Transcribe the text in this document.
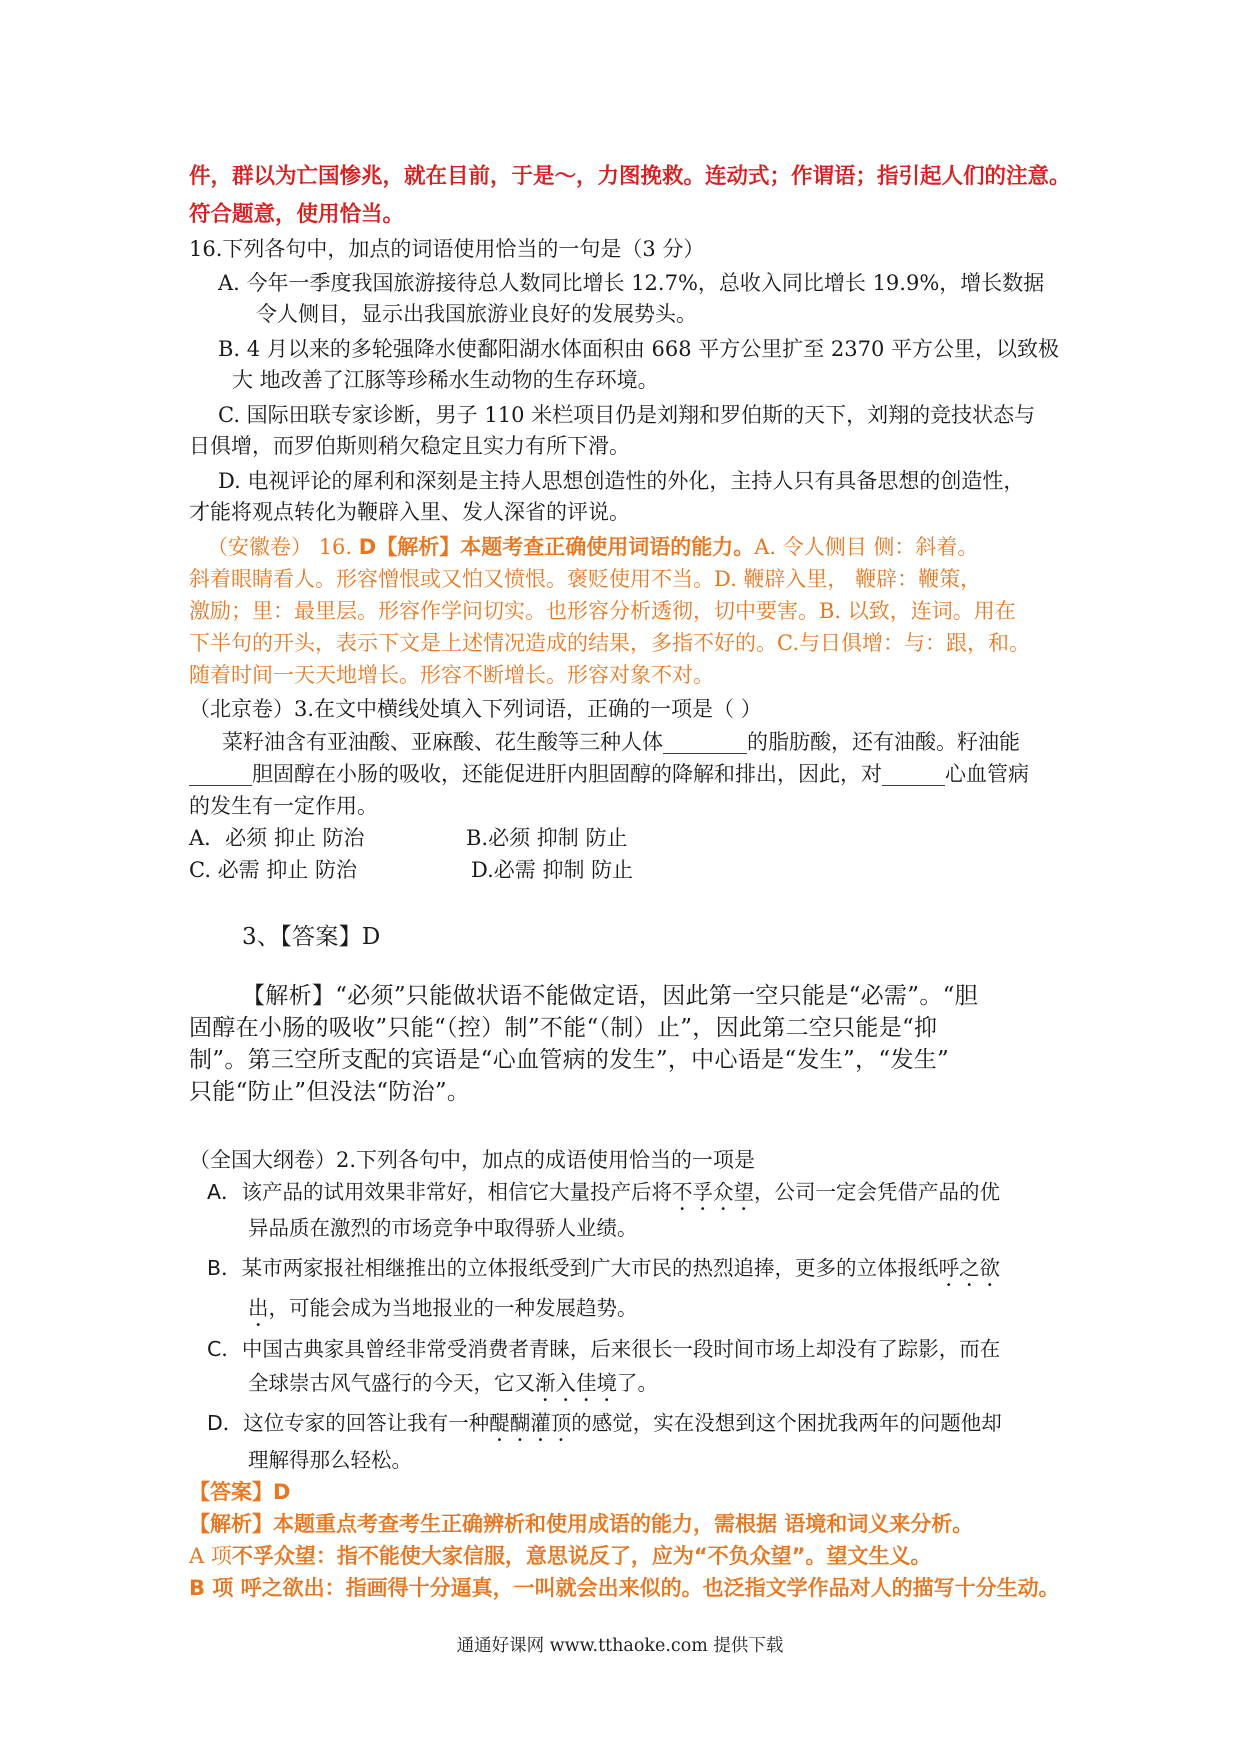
件，群以为亡国惨兆，就在目前，于是～，力图挽救。连动式；作谓语；指引起人们的注意。
符合题意，使用恰当。
16.下列各句中，加点的词语使用恰当的一句是（3 分）
A. 今年一季度我国旅游接待总人数同比增长 12.7%，总收入同比增长 19.9%，增长数据
令人侧目，显示出我国旅游业良好的发展势头。
B. 4 月以来的多轮强降水使鄱阳湖水体面积由 668 平方公里扩至 2370 平方公里，以致极
大 地改善了江豚等珍稀水生动物的生存环境。
C. 国际田联专家诊断，男子 110 米栏项目仍是刘翔和罗伯斯的天下，刘翔的竞技状态与
日俱增，而罗伯斯则稍欠稳定且实力有所下滑。
D. 电视评论的犀利和深刻是主持人思想创造性的外化，主持人只有具备思想的创造性，
才能将观点转化为鞭辟入里、发人深省的评说。
（安徽卷） 16. D【解析】本题考查正确使用词语的能力。A. 令人侧目 侧：斜着。
斜着眼睛看人。形容憎恨或又怕又愤恨。褒贬使用不当。D. 鞭辟入里， 鞭辟：鞭策，
激励；里：最里层。形容作学问切实。也形容分析透彻，切中要害。B. 以致，连词。用在
下半句的开头，表示下文是上述情况造成的结果，多指不好的。C.与日俱增：与：跟，和。
随着时间一天天地增长。形容不断增长。形容对象不对。
（北京卷）3.在文中横线处填入下列词语，正确的一项是（ ）
菜籽油含有亚油酸、亚麻酸、花生酸等三种人体________的脂肪酸，还有油酸。籽油能
______胆固醇在小肠的吸收，还能促进肝内胆固醇的降解和排出，因此，对______心血管病
的发生有一定作用。
A．必须 抑止 防治	B.必须 抑制 防止
C. 必需 抑止 防治	D.必需 抑制 防止
3、【答案】D
【解析】“必须”只能做状语不能做定语，因此第一空只能是“必需”。“胆
固醇在小肠的吸收”只能“（控）制”不能“（制）止”，因此第二空只能是“抑
制”。第三空所支配的宾语是“心血管病的发生”，中心语是“发生”，“发生”
只能“防止”但没法“防治”。
（全国大纲卷）2.下列各句中，加点的成语使用恰当的一项是
A．该产品的试用效果非常好，相信它大量投产后将不孚众望，公司一定会凭借产品的优
异品质在激烈的市场竞争中取得骄人业绩。
B．某市两家报社相继推出的立体报纸受到广大市民的热烈追捧，更多的立体报纸呼之欲
出，可能会成为当地报业的一种发展趋势。
C．中国古典家具曾经非常受消费者青睐，后来很长一段时间市场上却没有了踪影，而在
全球崇古风气盛行的今天，它又渐入佳境了。
D．这位专家的回答让我有一种醍醐灌顶的感觉，实在没想到这个困扰我两年的问题他却
理解得那么轻松。
【答案】D
【解析】本题重点考查考生正确辨析和使用成语的能力，需根据 语境和词义来分析。
A 项不孚众望：指不能使大家信服，意思说反了，应为“不负众望”。望文生义。
B 项 呼之欲出：指画得十分逼真，一叫就会出来似的。也泛指文学作品对人的描写十分生动。
通通好课网 www.tthaoke.com 提供下载
